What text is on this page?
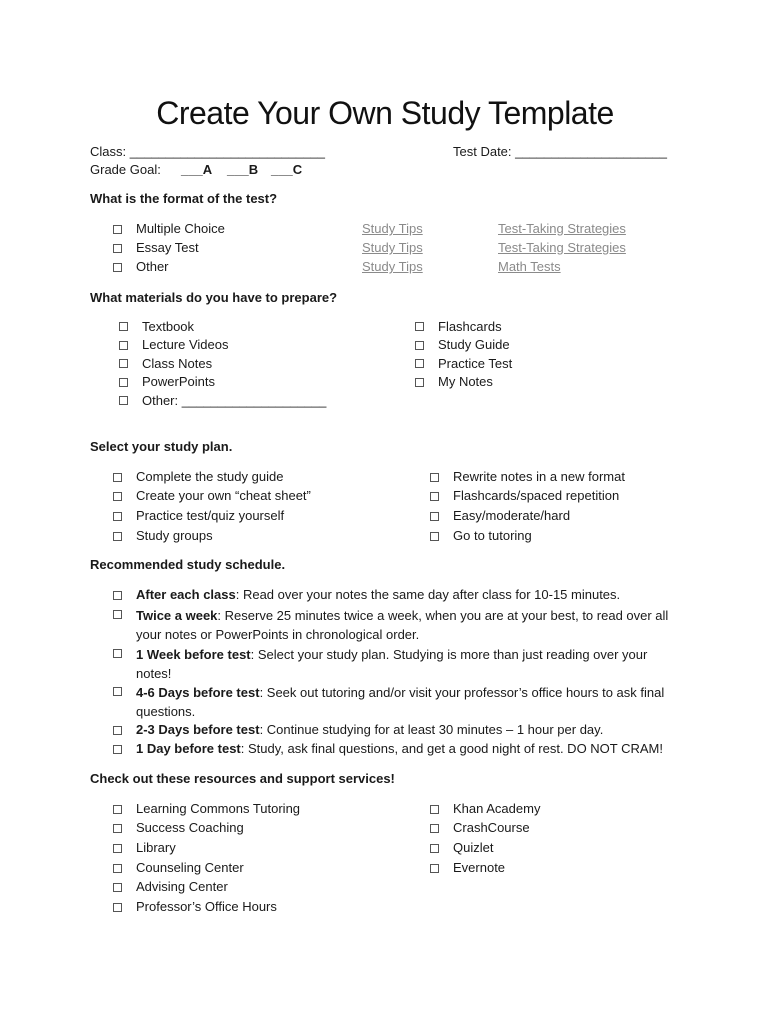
Create Your Own Study Template
Class: ___________________________	Test Date: _____________________
Grade Goal: ___A ___B ___C
What is the format of the test?
Multiple Choice	Study Tips	Test-Taking Strategies
Essay Test	Study Tips	Test-Taking Strategies
Other	Study Tips	Math Tests
What materials do you have to prepare?
Textbook
Lecture Videos
Class Notes
PowerPoints
Other: ____________________
Flashcards
Study Guide
Practice Test
My Notes
Select your study plan.
Complete the study guide
Create your own “cheat sheet”
Practice test/quiz yourself
Study groups
Rewrite notes in a new format
Flashcards/spaced repetition
Easy/moderate/hard
Go to tutoring
Recommended study schedule.
After each class: Read over your notes the same day after class for 10-15 minutes.
Twice a week: Reserve 25 minutes twice a week, when you are at your best, to read over all your notes or PowerPoints in chronological order.
1 Week before test: Select your study plan. Studying is more than just reading over your notes!
4-6 Days before test: Seek out tutoring and/or visit your professor’s office hours to ask final questions.
2-3 Days before test: Continue studying for at least 30 minutes – 1 hour per day.
1 Day before test: Study, ask final questions, and get a good night of rest. DO NOT CRAM!
Check out these resources and support services!
Learning Commons Tutoring
Success Coaching
Library
Counseling Center
Advising Center
Professor’s Office Hours
Khan Academy
CrashCourse
Quizlet
Evernote
